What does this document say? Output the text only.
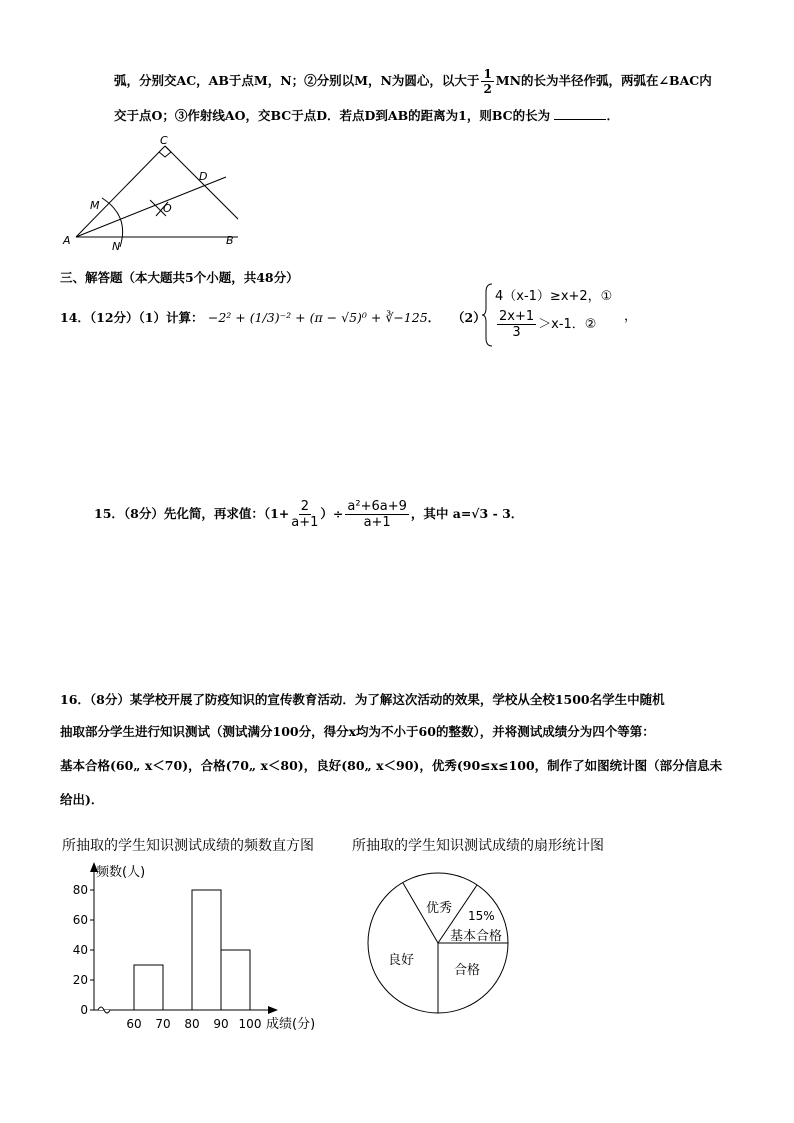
弧，分别交AC，AB于点M，N；②分别以M，N为圆心，以大于 $\frac{1}{2}$ MN的长为半径作弧，两弧在∠BAC内
交于点O；③作射线AO，交BC于点D．若点D到AB的距离为1，则BC的长为	．
C
D
M	O
A	N	B
三、解答题（本大题共5个小题，共48分）
14．（12分）（1）计算： −2² + (1/3)⁻² + (π − √5)⁰ + ∛−125． （2）
4（x-1）≥x+2，①
$\frac{2x+1}{3} >x-1$．②
，
15．（8分）先化简，再求值：（$1+ \frac{2}{a+1}$ ）÷ $\frac{\text{a²+6a+9}}{a+1}$ ，其中 a=√3 - 3．
16．（8分）某学校开展了防疫知识的宣传教育活动．为了解这次活动的效果，学校从全校1500名学生中随机
抽取部分学生进行知识测试（测试满分100分，得分x均为不小于60的整数），并将测试成绩分为四个等第：
基本合格(60„ x＜70)，合格(70„ x＜80)，良好(80„ x＜90)，优秀(90≤x≤100，制作了如图统计图（部分信息未
给出)．
所抽取的学生知识测试成绩的频数直方图	所抽取的学生知识测试成绩的扇形统计图
频数(人)
成绩(分)
80
60
40
20
0
60 70 80 90 100
优秀 15%
基本合格
良好
合格
